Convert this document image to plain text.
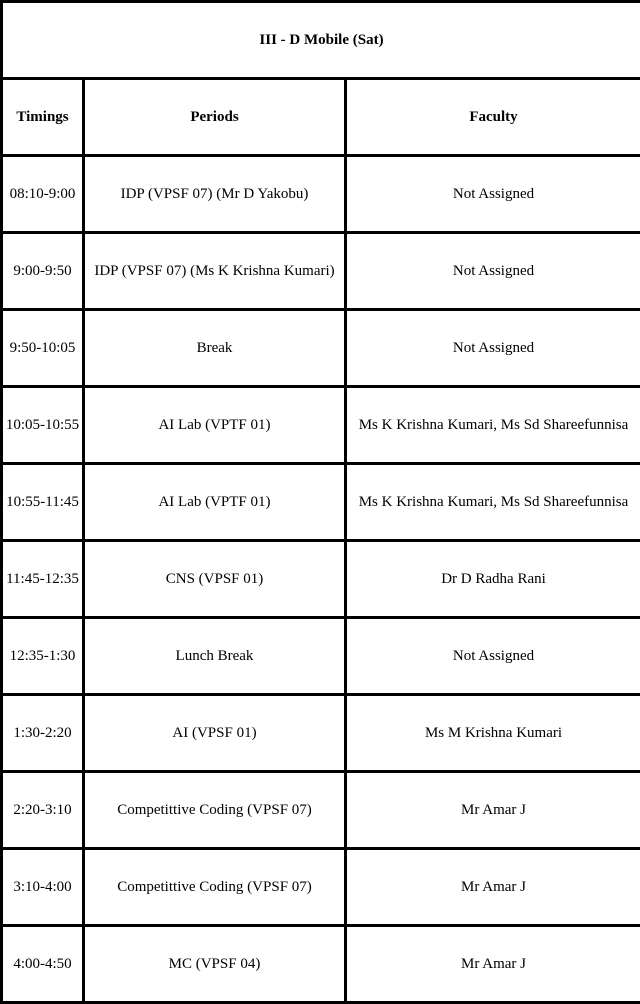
III - D Mobile (Sat)		
Timings	Periods	Faculty
08:10-9:00	IDP (VPSF 07) (Mr D Yakobu)	Not Assigned
9:00-9:50	IDP (VPSF 07) (Ms K Krishna Kumari)	Not Assigned
9:50-10:05	Break	Not Assigned
10:05-10:55	AI Lab (VPTF 01)	Ms K Krishna Kumari, Ms Sd Shareefunnisa
10:55-11:45	AI Lab (VPTF 01)	Ms K Krishna Kumari, Ms Sd Shareefunnisa
11:45-12:35	CNS (VPSF 01)	Dr D Radha Rani
12:35-1:30	Lunch Break	Not Assigned
1:30-2:20	AI (VPSF 01)	Ms M Krishna Kumari
2:20-3:10	Competittive Coding (VPSF 07)	Mr Amar J
3:10-4:00	Competittive Coding (VPSF 07)	Mr Amar J
4:00-4:50	MC (VPSF 04)	Mr Amar J
